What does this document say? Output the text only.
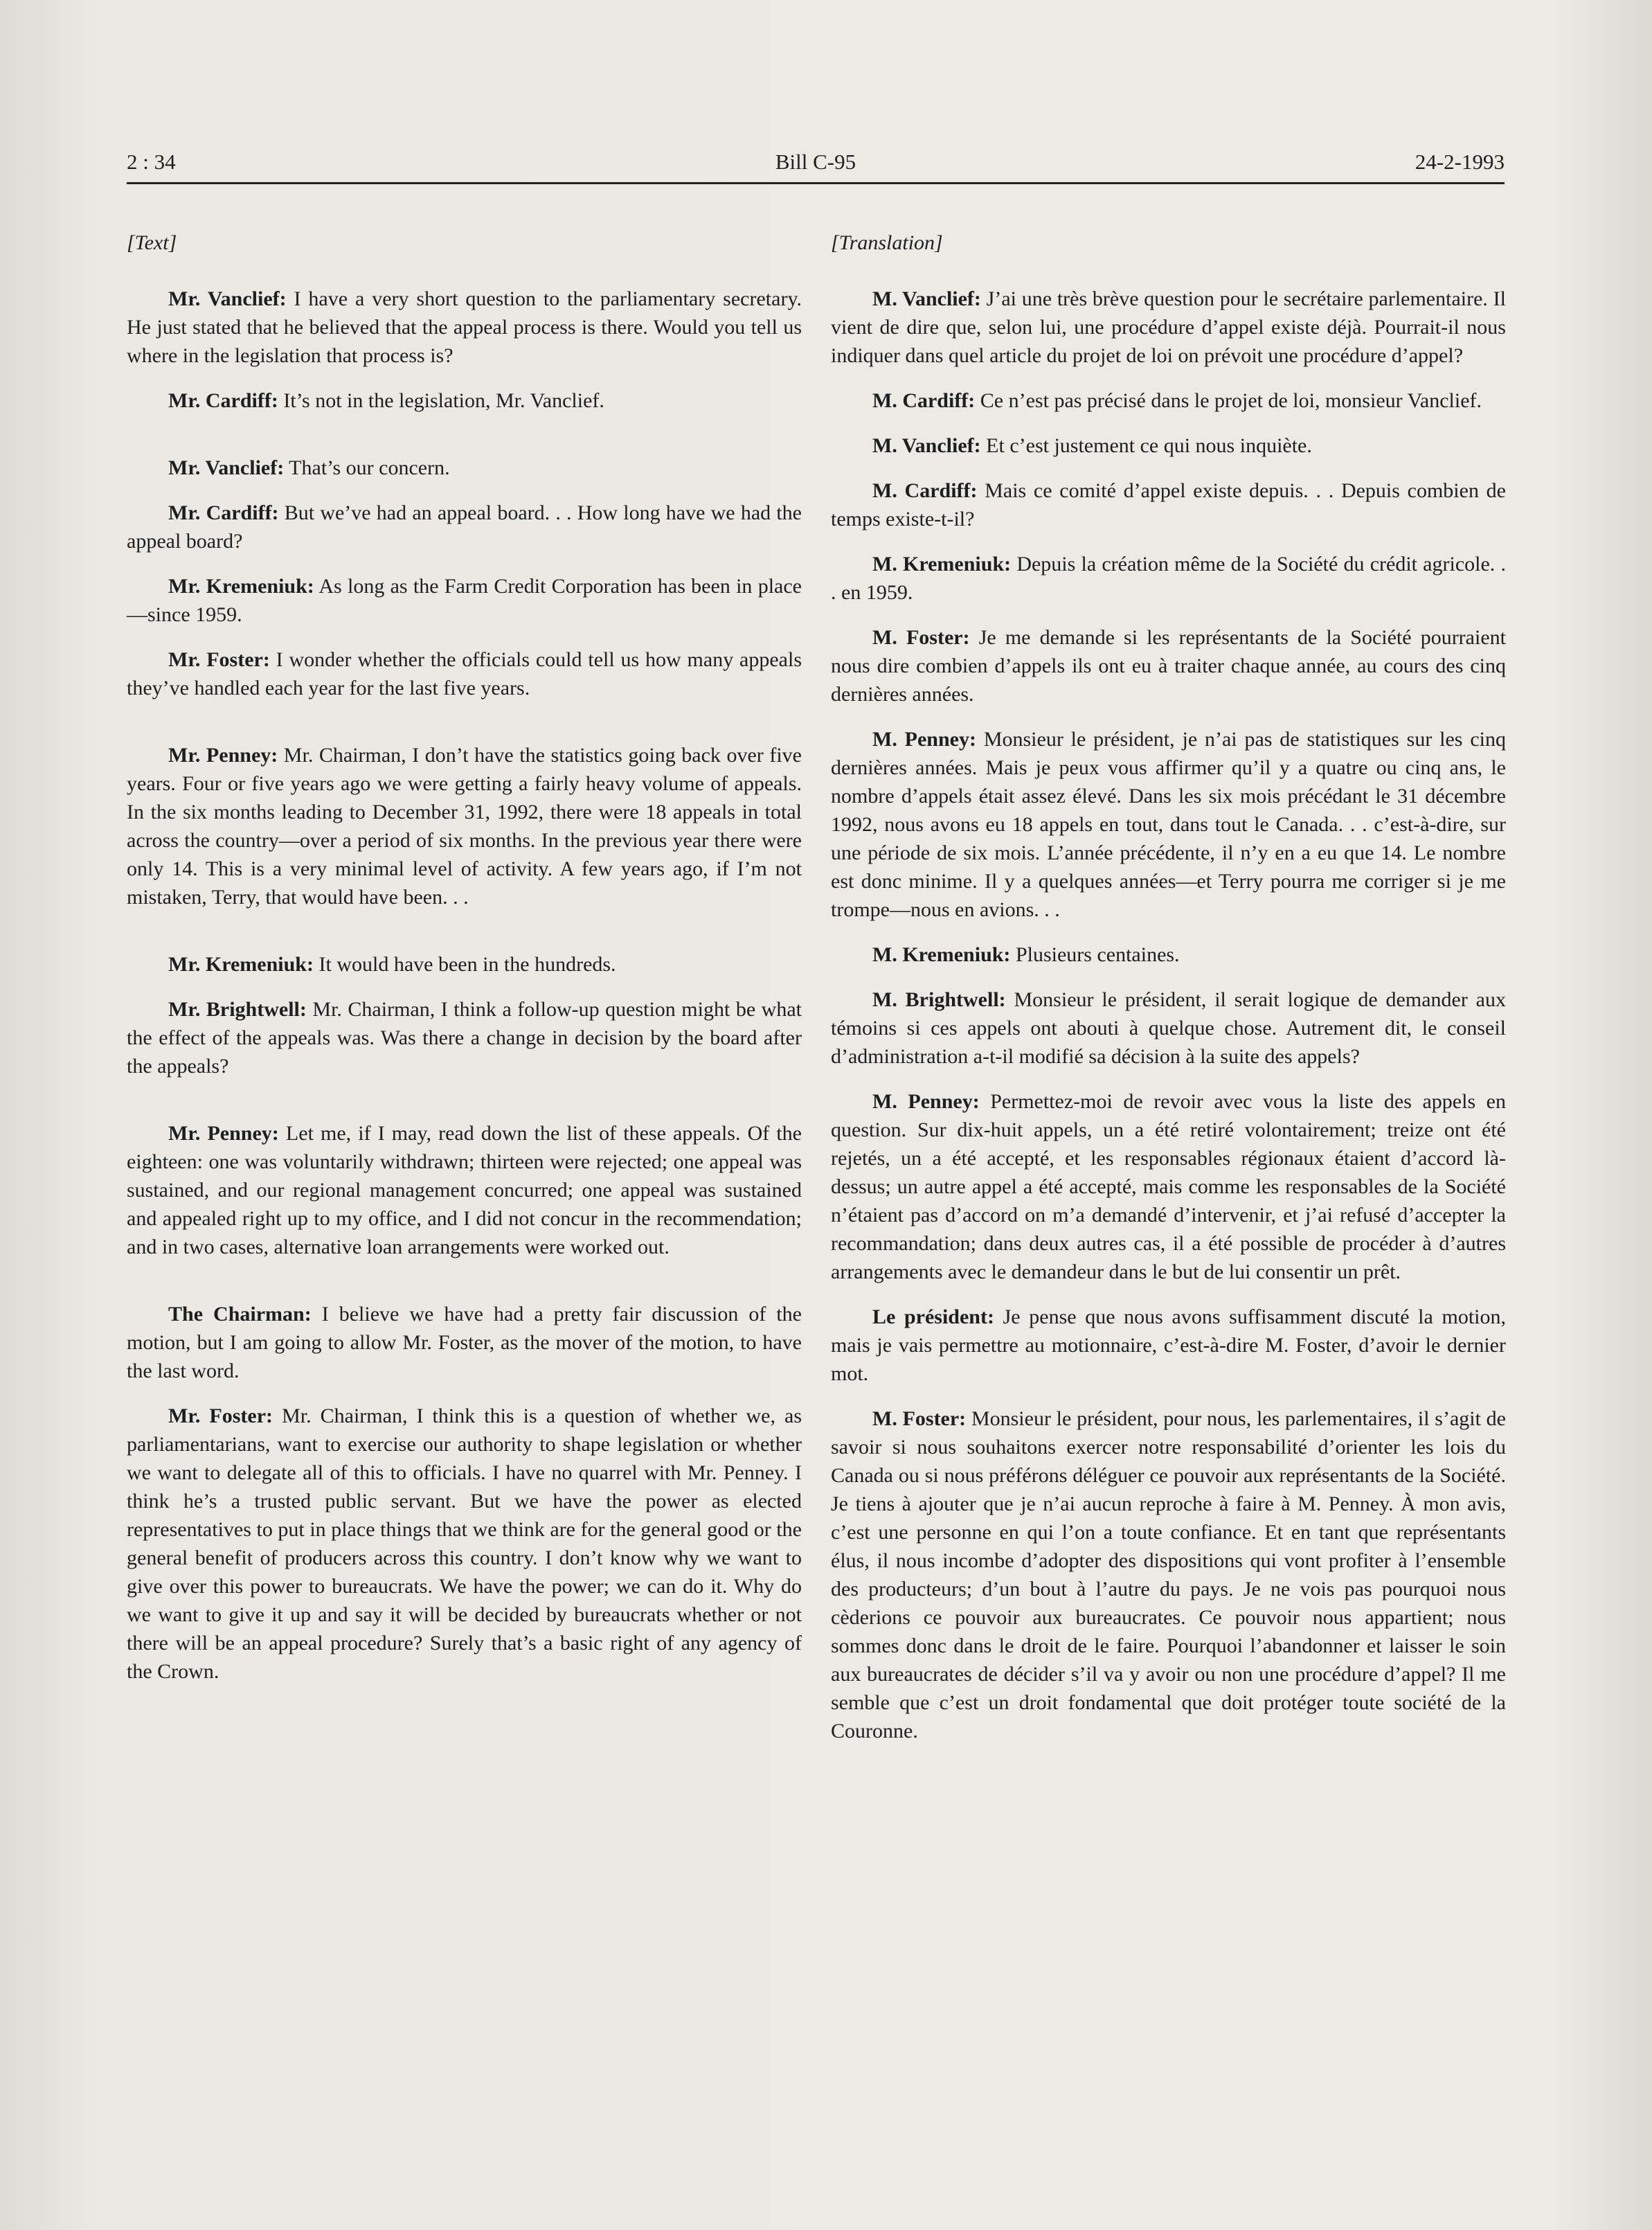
2 : 34	Bill C-95	24-2-1993
[Text]

Mr. Vanclief: I have a very short question to the parliamentary secretary. He just stated that he believed that the appeal process is there. Would you tell us where in the legislation that process is?

Mr. Cardiff: It’s not in the legislation, Mr. Vanclief.

Mr. Vanclief: That’s our concern.

Mr. Cardiff: But we’ve had an appeal board. . . How long have we had the appeal board?

Mr. Kremeniuk: As long as the Farm Credit Corporation has been in place—since 1959.

Mr. Foster: I wonder whether the officials could tell us how many appeals they’ve handled each year for the last five years.

Mr. Penney: Mr. Chairman, I don’t have the statistics going back over five years. Four or five years ago we were getting a fairly heavy volume of appeals. In the six months leading to December 31, 1992, there were 18 appeals in total across the country—over a period of six months. In the previous year there were only 14. This is a very minimal level of activity. A few years ago, if I’m not mistaken, Terry, that would have been. . .

Mr. Kremeniuk: It would have been in the hundreds.

Mr. Brightwell: Mr. Chairman, I think a follow-up question might be what the effect of the appeals was. Was there a change in decision by the board after the appeals?

Mr. Penney: Let me, if I may, read down the list of these appeals. Of the eighteen: one was voluntarily withdrawn; thirteen were rejected; one appeal was sustained, and our regional management concurred; one appeal was sustained and appealed right up to my office, and I did not concur in the recommendation; and in two cases, alternative loan arrangements were worked out.

The Chairman: I believe we have had a pretty fair discussion of the motion, but I am going to allow Mr. Foster, as the mover of the motion, to have the last word.

Mr. Foster: Mr. Chairman, I think this is a question of whether we, as parliamentarians, want to exercise our authority to shape legislation or whether we want to delegate all of this to officials. I have no quarrel with Mr. Penney. I think he’s a trusted public servant. But we have the power as elected representatives to put in place things that we think are for the general good or the general benefit of producers across this country. I don’t know why we want to give over this power to bureaucrats. We have the power; we can do it. Why do we want to give it up and say it will be decided by bureaucrats whether or not there will be an appeal procedure? Surely that’s a basic right of any agency of the Crown.

[Translation]

M. Vanclief: J’ai une très brève question pour le secrétaire parlementaire. Il vient de dire que, selon lui, une procédure d’appel existe déjà. Pourrait-il nous indiquer dans quel article du projet de loi on prévoit une procédure d’appel?

M. Cardiff: Ce n’est pas précisé dans le projet de loi, monsieur Vanclief.

M. Vanclief: Et c’est justement ce qui nous inquiète.

M. Cardiff: Mais ce comité d’appel existe depuis. . . Depuis combien de temps existe-t-il?

M. Kremeniuk: Depuis la création même de la Société du crédit agricole. . . en 1959.

M. Foster: Je me demande si les représentants de la Société pourraient nous dire combien d’appels ils ont eu à traiter chaque année, au cours des cinq dernières années.

M. Penney: Monsieur le président, je n’ai pas de statistiques sur les cinq dernières années. Mais je peux vous affirmer qu’il y a quatre ou cinq ans, le nombre d’appels était assez élevé. Dans les six mois précédant le 31 décembre 1992, nous avons eu 18 appels en tout, dans tout le Canada. . . c’est-à-dire, sur une période de six mois. L’année précédente, il n’y en a eu que 14. Le nombre est donc minime. Il y a quelques années—et Terry pourra me corriger si je me trompe—nous en avions. . .

M. Kremeniuk: Plusieurs centaines.

M. Brightwell: Monsieur le président, il serait logique de demander aux témoins si ces appels ont abouti à quelque chose. Autrement dit, le conseil d’administration a-t-il modifié sa décision à la suite des appels?

M. Penney: Permettez-moi de revoir avec vous la liste des appels en question. Sur dix-huit appels, un a été retiré volontairement; treize ont été rejetés, un a été accepté, et les responsables régionaux étaient d’accord là-dessus; un autre appel a été accepté, mais comme les responsables de la Société n’étaient pas d’accord on m’a demandé d’intervenir, et j’ai refusé d’accepter la recommandation; dans deux autres cas, il a été possible de procéder à d’autres arrangements avec le demandeur dans le but de lui consentir un prêt.

Le président: Je pense que nous avons suffisamment discuté la motion, mais je vais permettre au motionnaire, c’est-à-dire M. Foster, d’avoir le dernier mot.

M. Foster: Monsieur le président, pour nous, les parlementaires, il s’agit de savoir si nous souhaitons exercer notre responsabilité d’orienter les lois du Canada ou si nous préférons déléguer ce pouvoir aux représentants de la Société. Je tiens à ajouter que je n’ai aucun reproche à faire à M. Penney. À mon avis, c’est une personne en qui l’on a toute confiance. Et en tant que représentants élus, il nous incombe d’adopter des dispositions qui vont profiter à l’ensemble des producteurs; d’un bout à l’autre du pays. Je ne vois pas pourquoi nous cèderions ce pouvoir aux bureaucrates. Ce pouvoir nous appartient; nous sommes donc dans le droit de le faire. Pourquoi l’abandonner et laisser le soin aux bureaucrates de décider s’il va y avoir ou non une procédure d’appel? Il me semble que c’est un droit fondamental que doit protéger toute société de la Couronne.
